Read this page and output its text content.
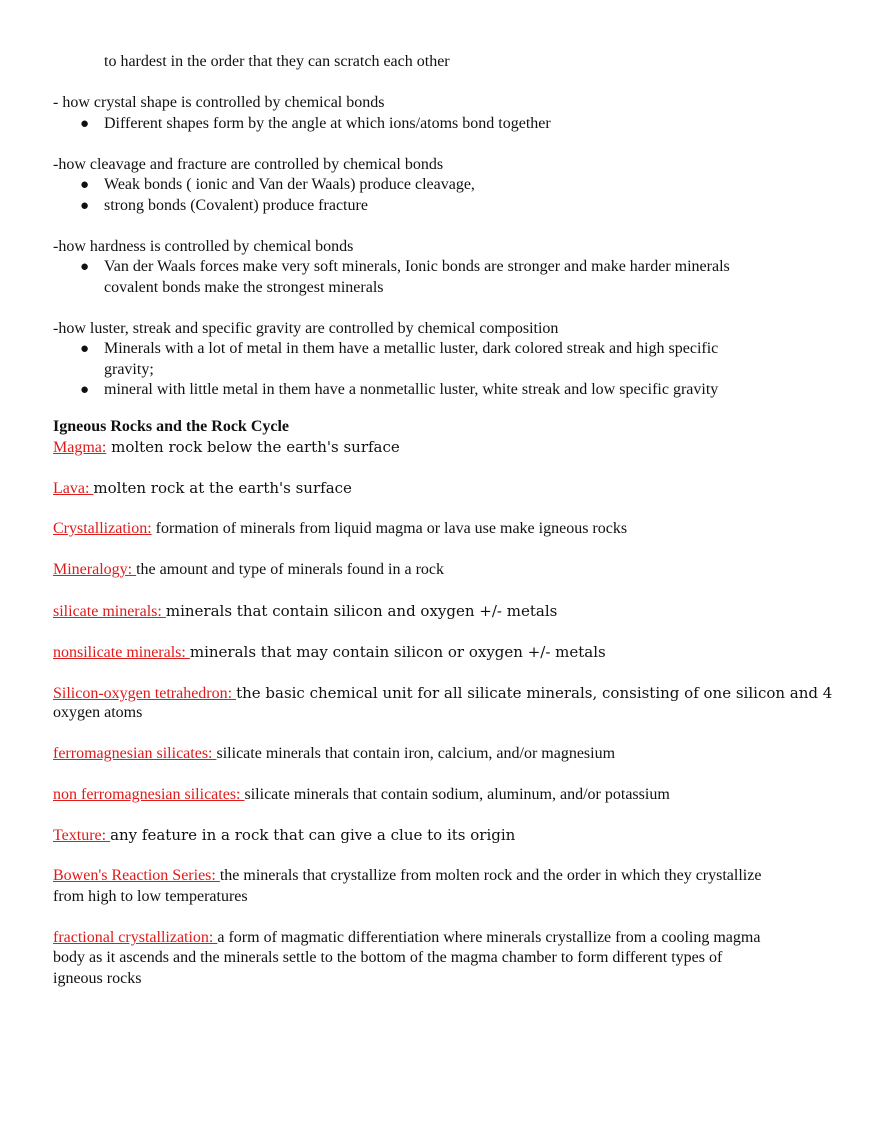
to hardest in the order that they can scratch each other
- how crystal shape is controlled by chemical bonds
● Different shapes form by the angle at which ions/atoms bond together
-how cleavage and fracture are controlled by chemical bonds
● Weak bonds ( ionic and Van der Waals) produce cleavage,
● strong bonds (Covalent) produce fracture
-how hardness is controlled by chemical bonds
● Van der Waals forces make very soft minerals, Ionic bonds are stronger and make harder minerals
covalent bonds make the strongest minerals
-how luster, streak and specific gravity are controlled by chemical composition
● Minerals with a lot of metal in them have a metallic luster, dark colored streak and high specific
gravity;
● mineral with little metal in them have a nonmetallic luster, white streak and low specific gravity
Igneous Rocks and the Rock Cycle
Magma: molten rock below the earth's surface
Lava: molten rock at the earth's surface
Crystallization: formation of minerals from liquid magma or lava use make igneous rocks
Mineralogy: the amount and type of minerals found in a rock
silicate minerals: minerals that contain silicon and oxygen +/- metals
nonsilicate minerals: minerals that may contain silicon or oxygen +/- metals
Silicon-oxygen tetrahedron: the basic chemical unit for all silicate minerals, consisting of one silicon and 4
oxygen atoms
ferromagnesian silicates: silicate minerals that contain iron, calcium, and/or magnesium
non ferromagnesian silicates: silicate minerals that contain sodium, aluminum, and/or potassium
Texture: any feature in a rock that can give a clue to its origin
Bowen's Reaction Series: the minerals that crystallize from molten rock and the order in which they crystallize
from high to low temperatures
fractional crystallization: a form of magmatic differentiation where minerals crystallize from a cooling magma
body as it ascends and the minerals settle to the bottom of the magma chamber to form different types of
igneous rocks
